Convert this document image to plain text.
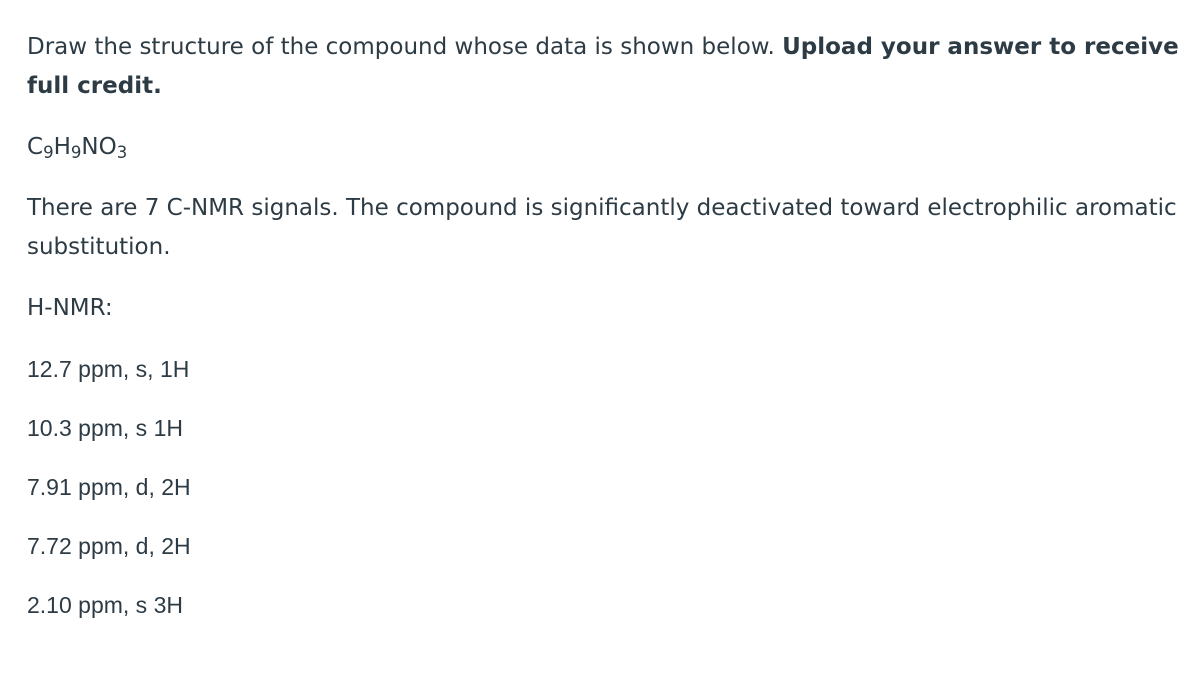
Draw the structure of the compound whose data is shown below. Upload your answer to receive full credit.

$C_9H_9NO_3$

There are 7 C-NMR signals. The compound is significantly deactivated toward electrophilic aromatic substitution.

H-NMR:

12.7 ppm, s, 1H
10.3 ppm, s 1H
7.91 ppm, d, 2H
7.72 ppm, d, 2H
2.10 ppm, s 3H
